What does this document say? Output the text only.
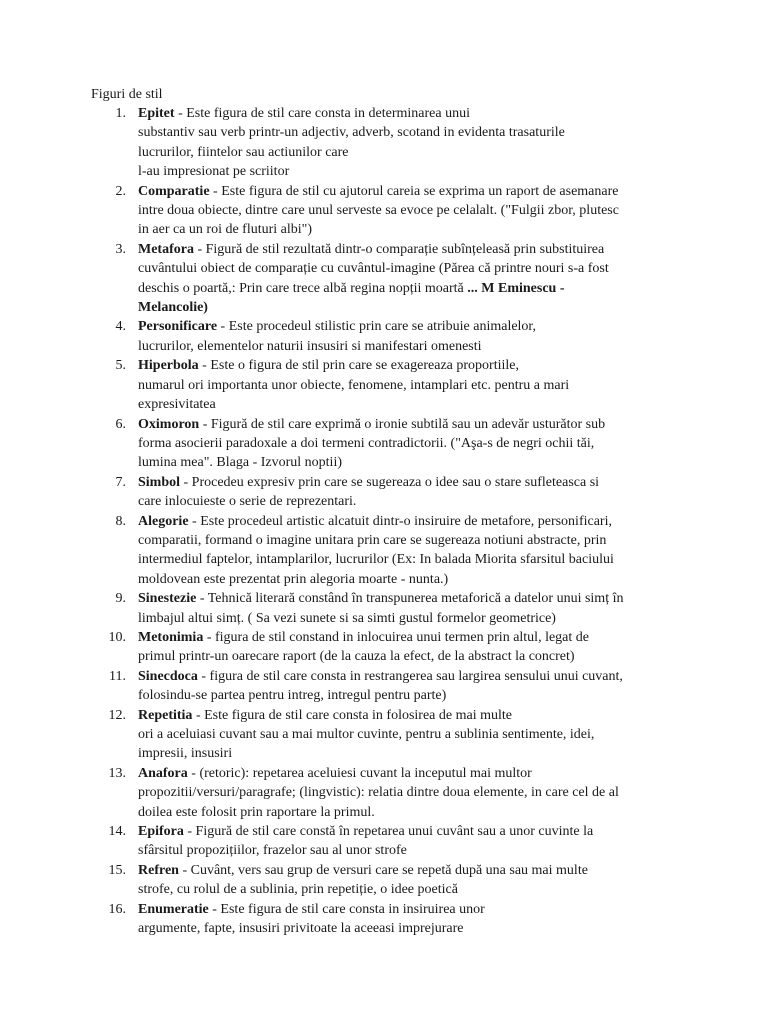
Figuri de stil
1. Epitet - Este figura de stil care consta in determinarea unui
substantiv sau verb printr-un adjectiv, adverb, scotand in evidenta trasaturile
lucrurilor, fiintelor sau actiunilor care
l-au impresionat pe scriitor
2. Comparatie - Este figura de stil cu ajutorul careia se exprima un raport de asemanare
intre doua obiecte, dintre care unul serveste sa evoce pe celalalt. ("Fulgii zbor, plutesc
in aer ca un roi de fluturi albi")
3. Metafora - Figură de stil rezultată dintr-o comparație subînțeleasă prin substituirea
cuvântului obiect de comparație cu cuvântul-imagine (Părea că printre nouri s-a fost
deschis o poartă,: Prin care trece albă regina nopții moartă ... M Eminescu -
Melancolie)
4. Personificare - Este procedeul stilistic prin care se atribuie animalelor,
lucrurilor, elementelor naturii insusiri si manifestari omenesti
5. Hiperbola - Este o figura de stil prin care se exagereaza proportiile,
numarul ori importanta unor obiecte, fenomene, intamplari etc. pentru a mari
expresivitatea
6. Oximoron - Figură de stil care exprimă o ironie subtilă sau un adevăr usturător sub
forma asocierii paradoxale a doi termeni contradictorii. ("Aşa-s de negri ochii tăi,
lumina mea". Blaga - Izvorul noptii)
7. Simbol - Procedeu expresiv prin care se sugereaza o idee sau o stare sufleteasca si
care inlocuieste o serie de reprezentari.
8. Alegorie - Este procedeul artistic alcatuit dintr-o insiruire de metafore, personificari,
comparatii, formand o imagine unitara prin care se sugereaza notiuni abstracte, prin
intermediul faptelor, intamplarilor, lucrurilor (Ex: In balada Miorita sfarsitul baciului
moldovean este prezentat prin alegoria moarte - nunta.)
9. Sinestezie - Tehnică literară constând în transpunerea metaforică a datelor unui simț în
limbajul altui simț. ( Sa vezi sunete si sa simti gustul formelor geometrice)
10. Metonimia - figura de stil constand in inlocuirea unui termen prin altul, legat de
primul printr-un oarecare raport (de la cauza la efect, de la abstract la concret)
11. Sinecdoca - figura de stil care consta in restrangerea sau largirea sensului unui cuvant,
folosindu-se partea pentru intreg, intregul pentru parte)
12. Repetitia - Este figura de stil care consta in folosirea de mai multe
ori a aceluiasi cuvant sau a mai multor cuvinte, pentru a sublinia sentimente, idei,
impresii, insusiri
13. Anafora - (retoric): repetarea aceluiesi cuvant la inceputul mai multor
propozitii/versuri/paragrafe; (lingvistic): relatia dintre doua elemente, in care cel de al
doilea este folosit prin raportare la primul.
14. Epifora - Figură de stil care constă în repetarea unui cuvânt sau a unor cuvinte la
sfârsitul propozițiilor, frazelor sau al unor strofe
15. Refren - Cuvânt, vers sau grup de versuri care se repetă după una sau mai multe
strofe, cu rolul de a sublinia, prin repetiție, o idee poetică
16. Enumeratie - Este figura de stil care consta in insiruirea unor
argumente, fapte, insusiri privitoate la aceeasi imprejurare
